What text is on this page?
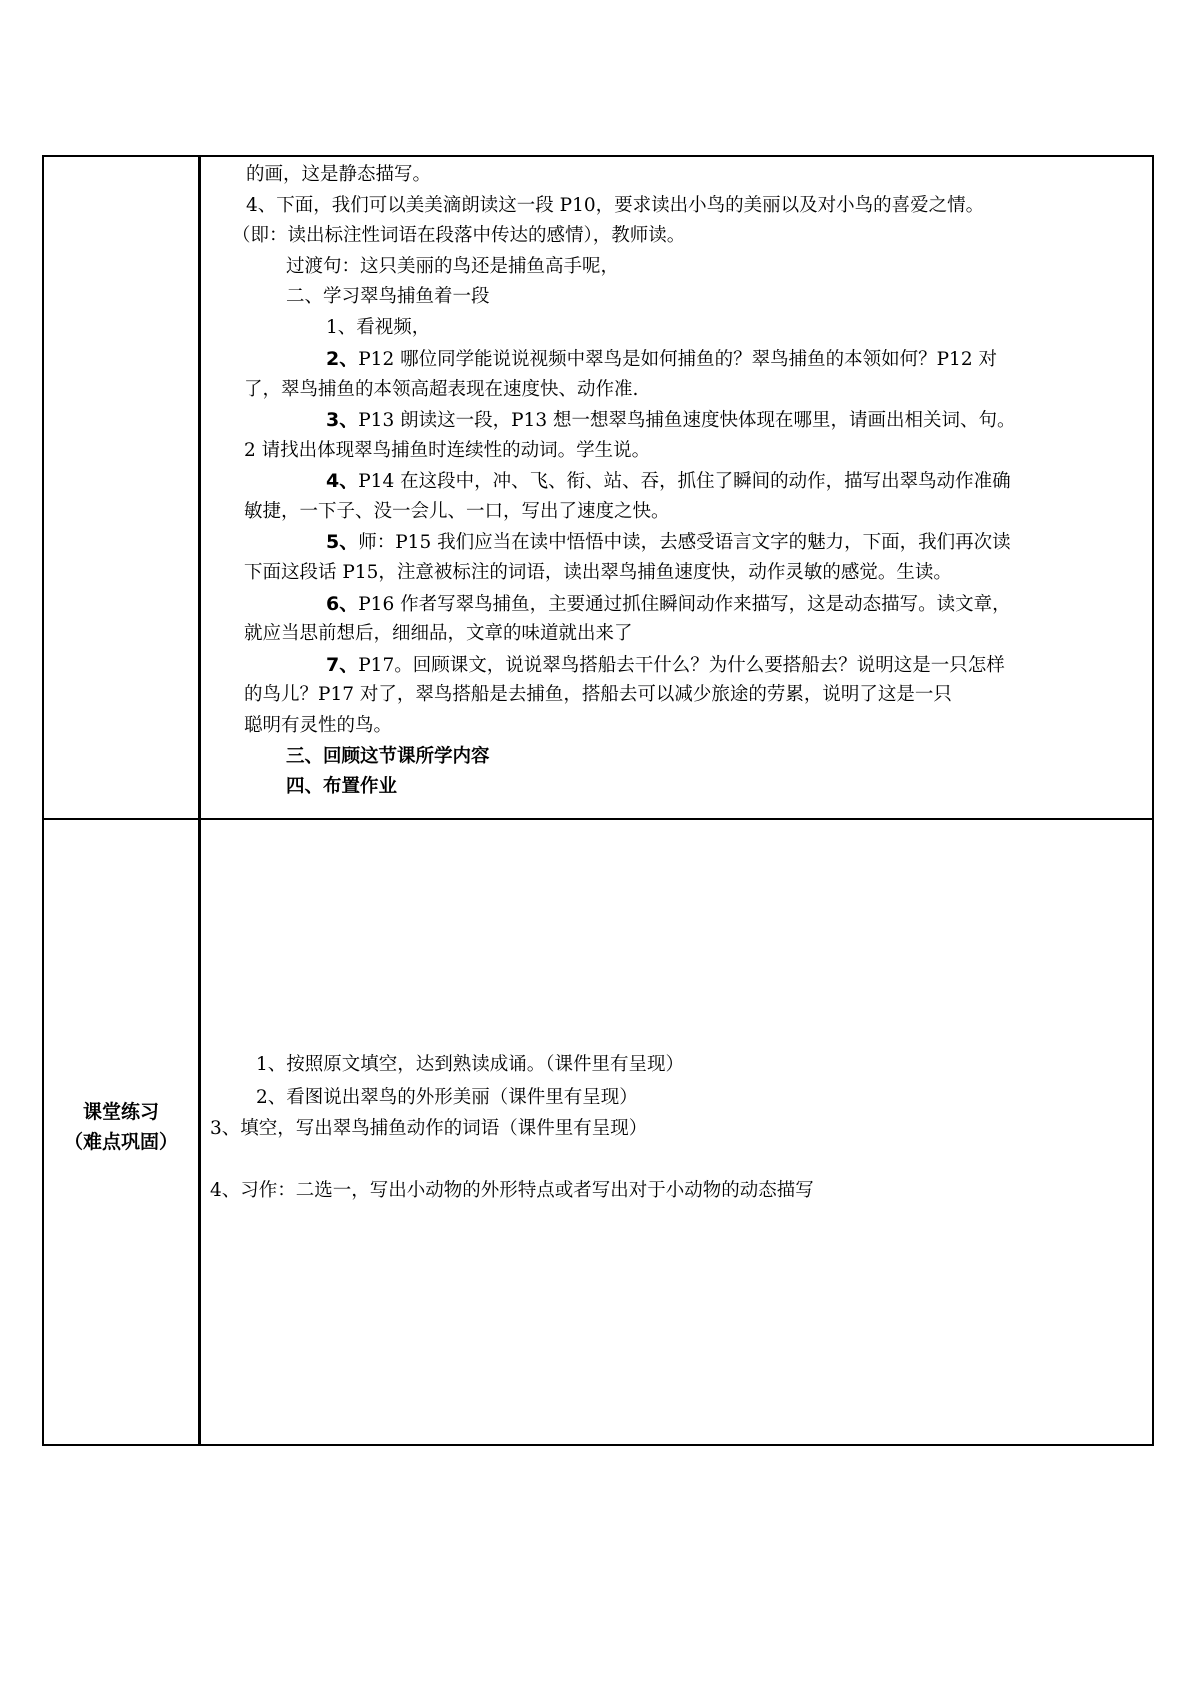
的画，这是静态描写。
4、下面，我们可以美美滴朗读这一段 P10，要求读出小鸟的美丽以及对小鸟的喜爱之情。
（即：读出标注性词语在段落中传达的感情），教师读。
过渡句：这只美丽的鸟还是捕鱼高手呢，
二、学习翠鸟捕鱼着一段
1、看视频，
2、P12 哪位同学能说说视频中翠鸟是如何捕鱼的？翠鸟捕鱼的本领如何？P12 对
了，翠鸟捕鱼的本领高超表现在速度快、动作准.
3、P13 朗读这一段，P13 想一想翠鸟捕鱼速度快体现在哪里，请画出相关词、句。
2 请找出体现翠鸟捕鱼时连续性的动词。学生说。
4、P14 在这段中，冲、飞、衔、站、吞，抓住了瞬间的动作，描写出翠鸟动作准确
敏捷，一下子、没一会儿、一口，写出了速度之快。
5、师：P15 我们应当在读中悟悟中读，去感受语言文字的魅力，下面，我们再次读
下面这段话 P15，注意被标注的词语，读出翠鸟捕鱼速度快，动作灵敏的感觉。生读。
6、P16 作者写翠鸟捕鱼，主要通过抓住瞬间动作来描写，这是动态描写。读文章，
就应当思前想后，细细品，文章的味道就出来了
7、P17。回顾课文，说说翠鸟搭船去干什么？为什么要搭船去？说明这是一只怎样
的鸟儿？P17 对了，翠鸟搭船是去捕鱼，搭船去可以减少旅途的劳累，说明了这是一只
聪明有灵性的鸟。
三、回顾这节课所学内容
四、布置作业
课堂练习
（难点巩固）
1、按照原文填空，达到熟读成诵。（课件里有呈现）
2、看图说出翠鸟的外形美丽（课件里有呈现）
3、填空，写出翠鸟捕鱼动作的词语（课件里有呈现）
4、习作：二选一，写出小动物的外形特点或者写出对于小动物的动态描写
